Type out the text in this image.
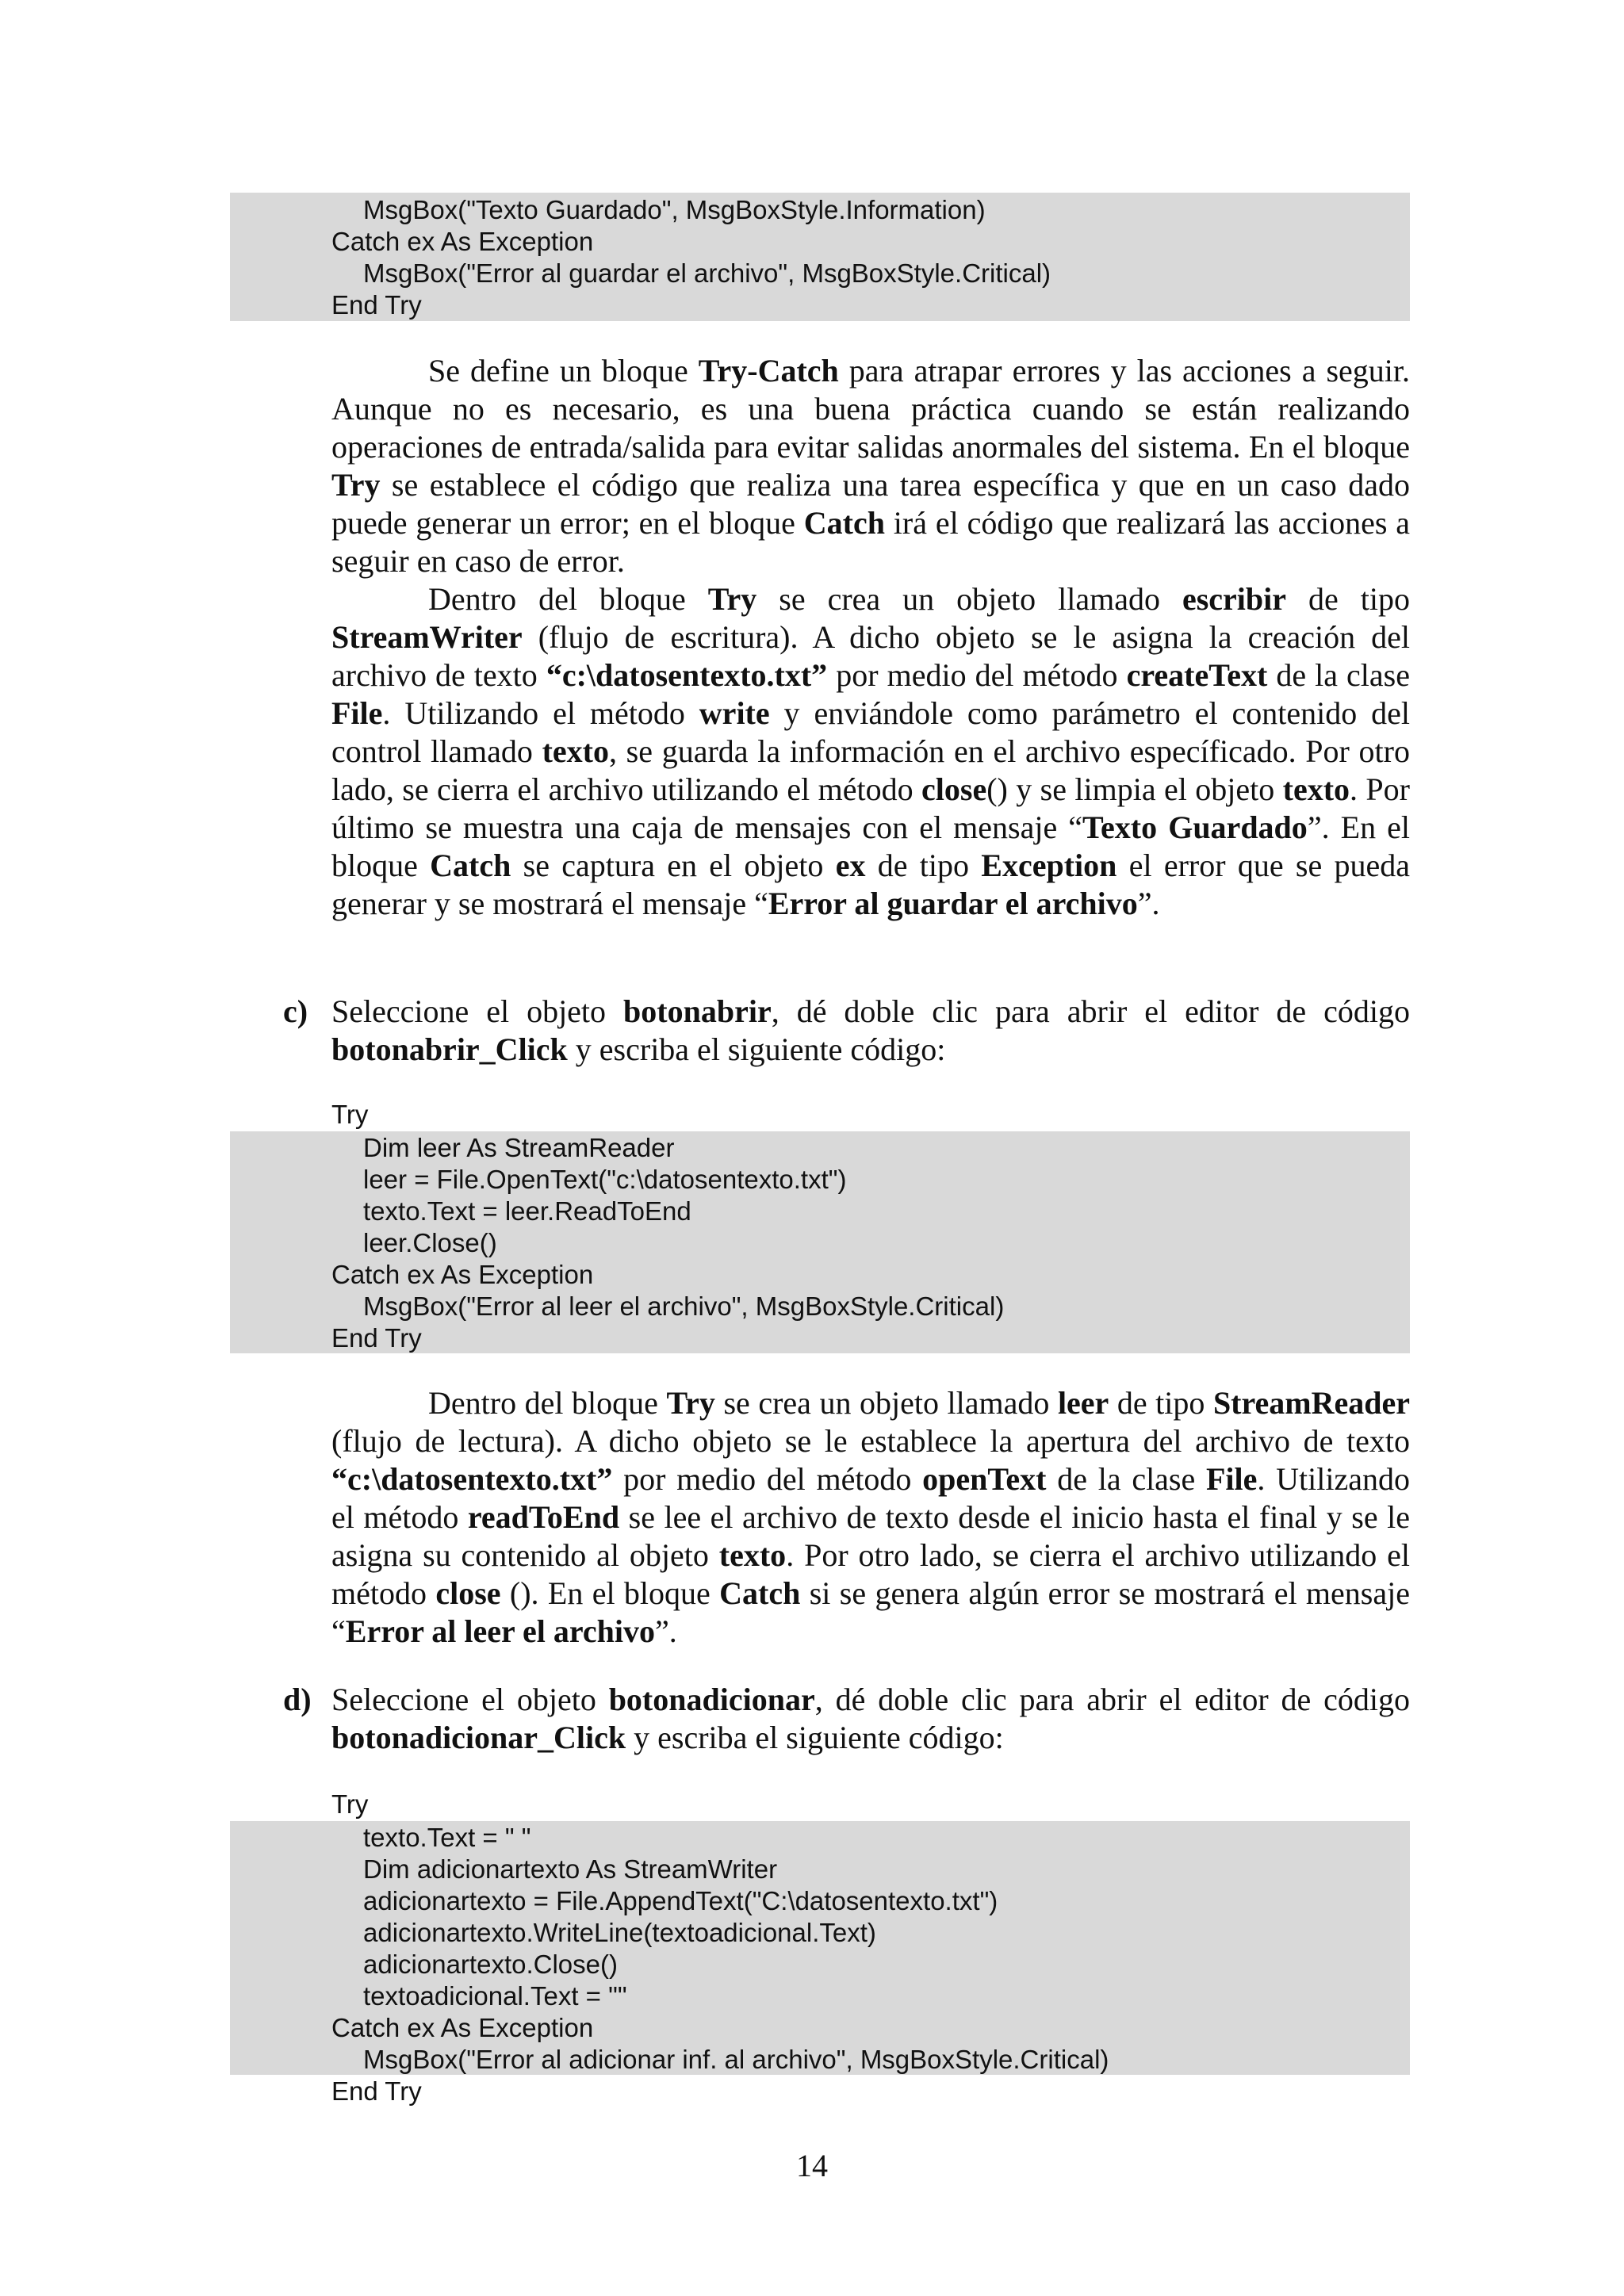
MsgBox("Texto Guardado", MsgBoxStyle.Information)
Catch ex As Exception
MsgBox("Error al guardar el archivo", MsgBoxStyle.Critical)
End Try

Se define un bloque Try-Catch para atrapar errores y las acciones a seguir. Aunque no es necesario, es una buena práctica cuando se están realizando operaciones de entrada/salida para evitar salidas anormales del sistema. En el bloque Try se establece el código que realiza una tarea específica y que en un caso dado puede generar un error; en el bloque Catch irá el código que realizará las acciones a seguir en caso de error.

Dentro del bloque Try se crea un objeto llamado escribir de tipo StreamWriter (flujo de escritura). A dicho objeto se le asigna la creación del archivo de texto “c:\datosentexto.txt” por medio del método createText de la clase File. Utilizando el método write y enviándole como parámetro el contenido del control llamado texto, se guarda la información en el archivo específicado. Por otro lado, se cierra el archivo utilizando el método close() y se limpia el objeto texto. Por último se muestra una caja de mensajes con el mensaje “Texto Guardado”. En el bloque Catch se captura en el objeto ex de tipo Exception el error que se pueda generar y se mostrará el mensaje “Error al guardar el archivo”.

c) Seleccione el objeto botonabrir, dé doble clic para abrir el editor de código botonabrir_Click y escriba el siguiente código:

Try
Dim leer As StreamReader
leer = File.OpenText("c:\datosentexto.txt")
texto.Text = leer.ReadToEnd
leer.Close()
Catch ex As Exception
MsgBox("Error al leer el archivo", MsgBoxStyle.Critical)
End Try

Dentro del bloque Try se crea un objeto llamado leer de tipo StreamReader (flujo de lectura). A dicho objeto se le establece la apertura del archivo de texto “c:\datosentexto.txt” por medio del método openText de la clase File. Utilizando el método readToEnd se lee el archivo de texto desde el inicio hasta el final y se le asigna su contenido al objeto texto. Por otro lado, se cierra el archivo utilizando el método close (). En el bloque Catch si se genera algún error se mostrará el mensaje “Error al leer el archivo”.

d) Seleccione el objeto botonadicionar, dé doble clic para abrir el editor de código botonadicionar_Click y escriba el siguiente código:

Try
texto.Text = " "
Dim adicionartexto As StreamWriter
adicionartexto = File.AppendText("C:\datosentexto.txt")
adicionartexto.WriteLine(textoadicional.Text)
adicionartexto.Close()
textoadicional.Text = ""
Catch ex As Exception
MsgBox("Error al adicionar inf. al archivo", MsgBoxStyle.Critical)
End Try
14
